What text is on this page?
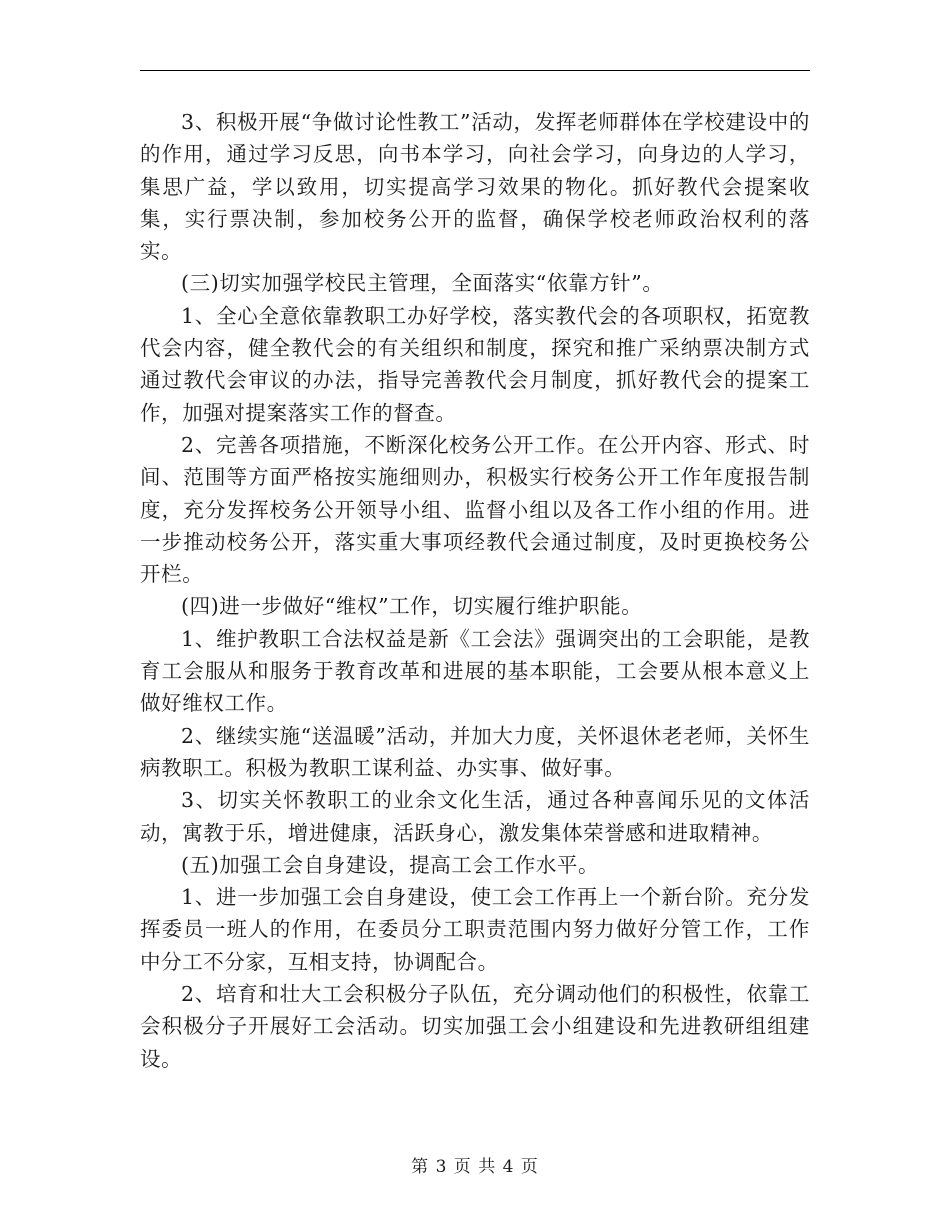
3、积极开展“争做讨论性教工”活动，发挥老师群体在学校建设中的的作用，通过学习反思，向书本学习，向社会学习，向身边的人学习，集思广益，学以致用，切实提高学习效果的物化。抓好教代会提案收集，实行票决制，参加校务公开的监督，确保学校老师政治权利的落实。

(三)切实加强学校民主管理，全面落实“依靠方针”。

1、全心全意依靠教职工办好学校，落实教代会的各项职权，拓宽教代会内容，健全教代会的有关组织和制度，探究和推广采纳票决制方式通过教代会审议的办法，指导完善教代会月制度，抓好教代会的提案工作，加强对提案落实工作的督查。

2、完善各项措施，不断深化校务公开工作。在公开内容、形式、时间、范围等方面严格按实施细则办，积极实行校务公开工作年度报告制度，充分发挥校务公开领导小组、监督小组以及各工作小组的作用。进一步推动校务公开，落实重大事项经教代会通过制度，及时更换校务公开栏。

(四)进一步做好“维权”工作，切实履行维护职能。

1、维护教职工合法权益是新《工会法》强调突出的工会职能，是教育工会服从和服务于教育改革和进展的基本职能，工会要从根本意义上做好维权工作。

2、继续实施“送温暖”活动，并加大力度，关怀退休老老师，关怀生病教职工。积极为教职工谋利益、办实事、做好事。

3、切实关怀教职工的业余文化生活，通过各种喜闻乐见的文体活动，寓教于乐，增进健康，活跃身心，激发集体荣誉感和进取精神。

(五)加强工会自身建设，提高工会工作水平。

1、进一步加强工会自身建设，使工会工作再上一个新台阶。充分发挥委员一班人的作用，在委员分工职责范围内努力做好分管工作，工作中分工不分家，互相支持，协调配合。

2、培育和壮大工会积极分子队伍，充分调动他们的积极性，依靠工会积极分子开展好工会活动。切实加强工会小组建设和先进教研组组建设。

第 3 页 共 4 页
